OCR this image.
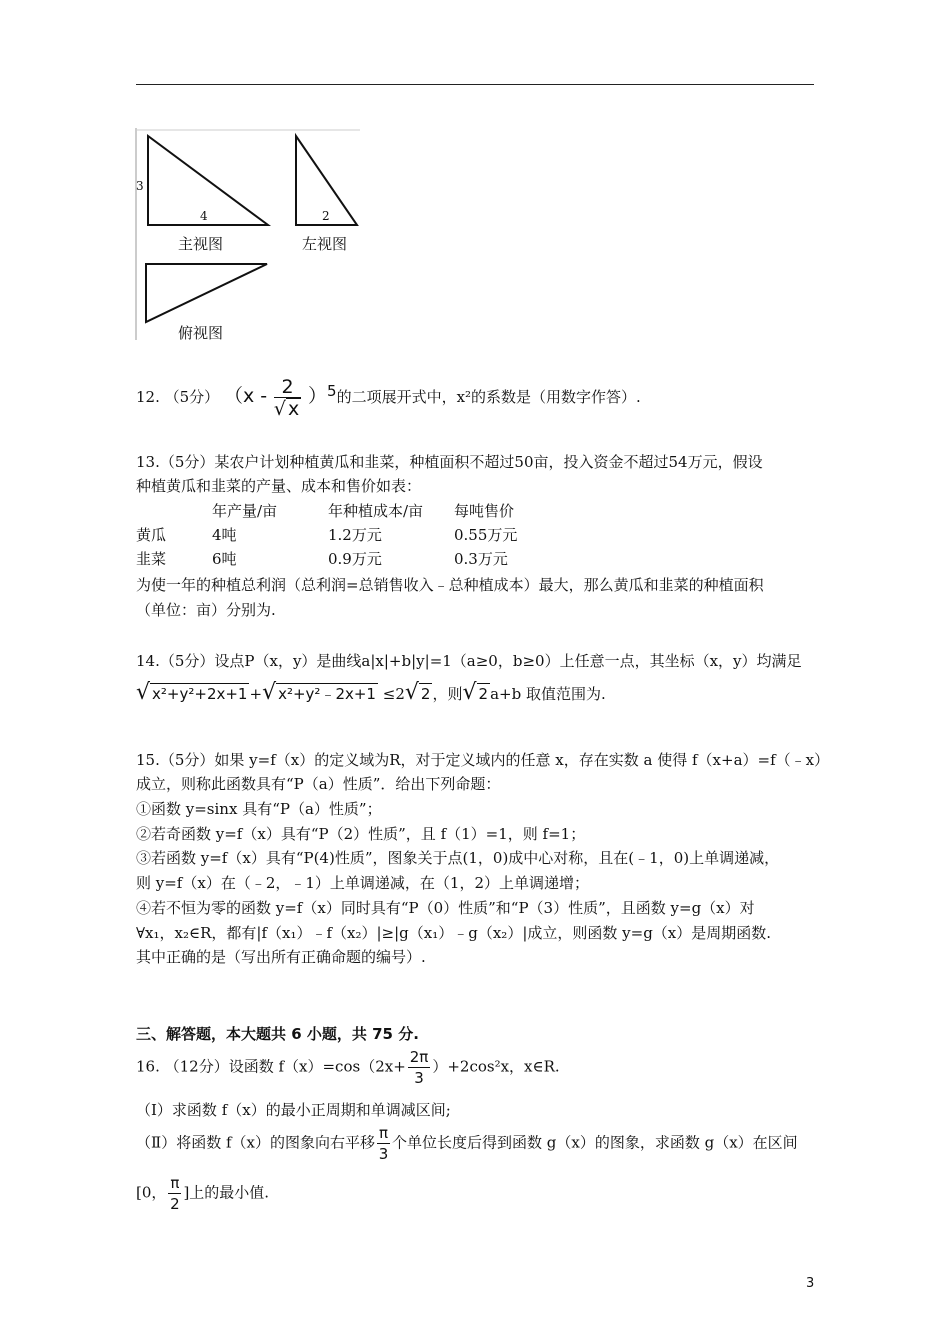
3
4	2
主视图	左视图
俯视图
12. （5分） $(x - \frac{2}{√ x} )^5$的二项展开式中，x²的系数是（用数字作答）.
13.（5分）某农户计划种植黄瓜和韭菜，种植面积不超过50亩，投入资金不超过54万元，假设
种植黄瓜和韭菜的产量、成本和售价如表：
	年产量/亩	年种植成本/亩	每吨售价
黄瓜	4吨	1.2万元	0.55万元
韭菜	6吨	0.9万元	0.3万元
为使一年的种植总利润（总利润=总销售收入﹣总种植成本）最大，那么黄瓜和韭菜的种植面积
（单位：亩）分别为.
14.（5分）设点P（x，y）是曲线a|x|+b|y|=1（a≥0，b≥0）上任意一点，其坐标（x，y）均满足
√ x²+y²+2x+1 +√ x²+y²﹣2x+1 ≤2√ 2 ，则√ 2 a+b 取值范围为.
15.（5分）如果 y=f（x）的定义域为R，对于定义域内的任意 x，存在实数 a 使得 f（x+a）=f（﹣x）
成立，则称此函数具有“P（a）性质”．给出下列命题：
①函数 y=sinx 具有“P（a）性质”；
②若奇函数 y=f（x）具有“P（2）性质”，且 f（1）=1，则 f=1；
③若函数 y=f（x）具有“P(4)性质”，图象关于点(1，0)成中心对称，且在(﹣1，0)上单调递减，
则 y=f（x）在（﹣2，﹣1）上单调递减，在（1，2）上单调递增；
④若不恒为零的函数 y=f（x）同时具有“P（0）性质”和“P（3）性质”，且函数 y=g（x）对
∀x₁，x₂∈R，都有|f（x₁）﹣f（x₂）|≥|g（x₁）﹣g（x₂）|成立，则函数 y=g（x）是周期函数.
其中正确的是（写出所有正确命题的编号）.
三、解答题，本大题共 6 小题，共 75 分.
16. （12分）设函数 $f(x)=\cos(2x+ \frac{2\pi}{3} )+2\cos^2x$，x∈R.
（Ⅰ）求函数 f（x）的最小正周期和单调减区间;
（Ⅱ）将函数 f（x）的图象向右平移 $\frac{\pi}{3}$ 个单位长度后得到函数 g（x）的图象，求函数 g（x）在区间
[0， $\frac{\pi}{2}$ ]上的最小值.
3
